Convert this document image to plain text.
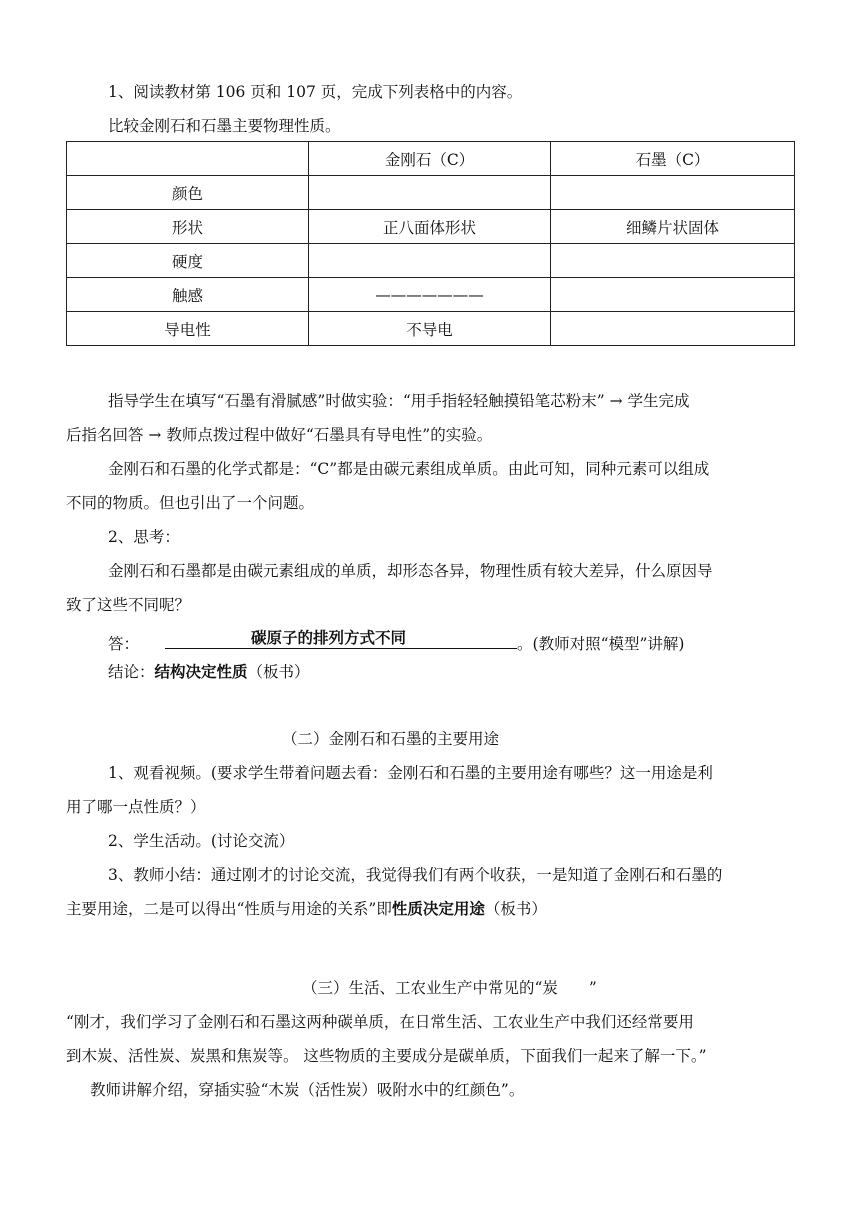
1、阅读教材第 106 页和 107 页，完成下列表格中的内容。
比较金刚石和石墨主要物理性质。
	金刚石（C）	石墨（C）
颜色		
形状	正八面体形状	细鳞片状固体
硬度		
触感	———————	
导电性	不导电	
指导学生在填写“石墨有滑腻感”时做实验：“用手指轻轻触摸铅笔芯粉末” → 学生完成
后指名回答 → 教师点拨过程中做好“石墨具有导电性”的实验。
金刚石和石墨的化学式都是：“C”都是由碳元素组成单质。由此可知，同种元素可以组成
不同的物质。但也引出了一个问题。
2、思考：
金刚石和石墨都是由碳元素组成的单质，却形态各异，物理性质有较大差异，什么原因导
致了这些不同呢？
答：	碳原子的排列方式不同	。(教师对照“模型”讲解)
结论：结构决定性质（板书）
（二）金刚石和石墨的主要用途
1、观看视频。(要求学生带着问题去看：金刚石和石墨的主要用途有哪些？这一用途是利
用了哪一点性质？）
2、学生活动。(讨论交流）
3、教师小结：通过刚才的讨论交流，我觉得我们有两个收获，一是知道了金刚石和石墨的
主要用途，二是可以得出“性质与用途的关系”即性质决定用途（板书）
（三）生活、工农业生产中常见的“炭　　”
“刚才，我们学习了金刚石和石墨这两种碳单质，在日常生活、工农业生产中我们还经常要用
到木炭、活性炭、炭黑和焦炭等。 这些物质的主要成分是碳单质，下面我们一起来了解一下。”
教师讲解介绍，穿插实验“木炭（活性炭）吸附水中的红颜色”。
